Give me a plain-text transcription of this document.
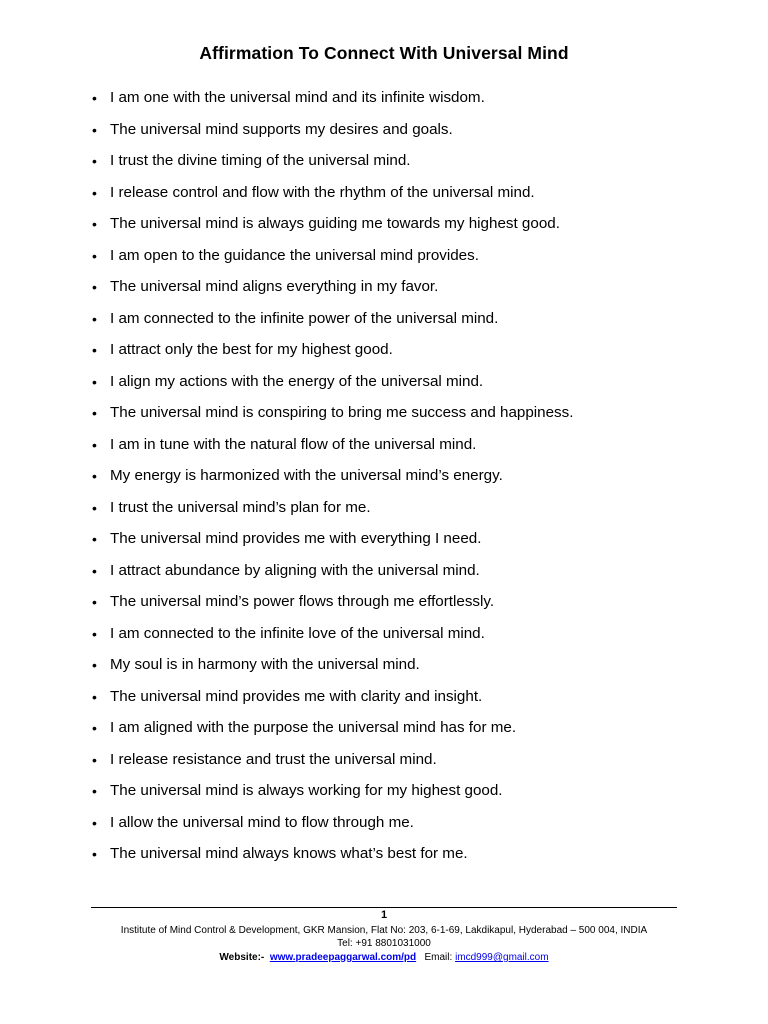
Affirmation To Connect With Universal Mind
• I am one with the universal mind and its infinite wisdom.
• The universal mind supports my desires and goals.
• I trust the divine timing of the universal mind.
• I release control and flow with the rhythm of the universal mind.
• The universal mind is always guiding me towards my highest good.
• I am open to the guidance the universal mind provides.
• The universal mind aligns everything in my favor.
• I am connected to the infinite power of the universal mind.
• I attract only the best for my highest good.
• I align my actions with the energy of the universal mind.
• The universal mind is conspiring to bring me success and happiness.
• I am in tune with the natural flow of the universal mind.
• My energy is harmonized with the universal mind’s energy.
• I trust the universal mind’s plan for me.
• The universal mind provides me with everything I need.
• I attract abundance by aligning with the universal mind.
• The universal mind’s power flows through me effortlessly.
• I am connected to the infinite love of the universal mind.
• My soul is in harmony with the universal mind.
• The universal mind provides me with clarity and insight.
• I am aligned with the purpose the universal mind has for me.
• I release resistance and trust the universal mind.
• The universal mind is always working for my highest good.
• I allow the universal mind to flow through me.
• The universal mind always knows what’s best for me.
1
Institute of Mind Control & Development, GKR Mansion, Flat No: 203, 6-1-69, Lakdikapul, Hyderabad – 500 004, INDIA
Tel: +91 8801031000
Website:- www.pradeepaggarwal.com/pd Email: imcd999@gmail.com
